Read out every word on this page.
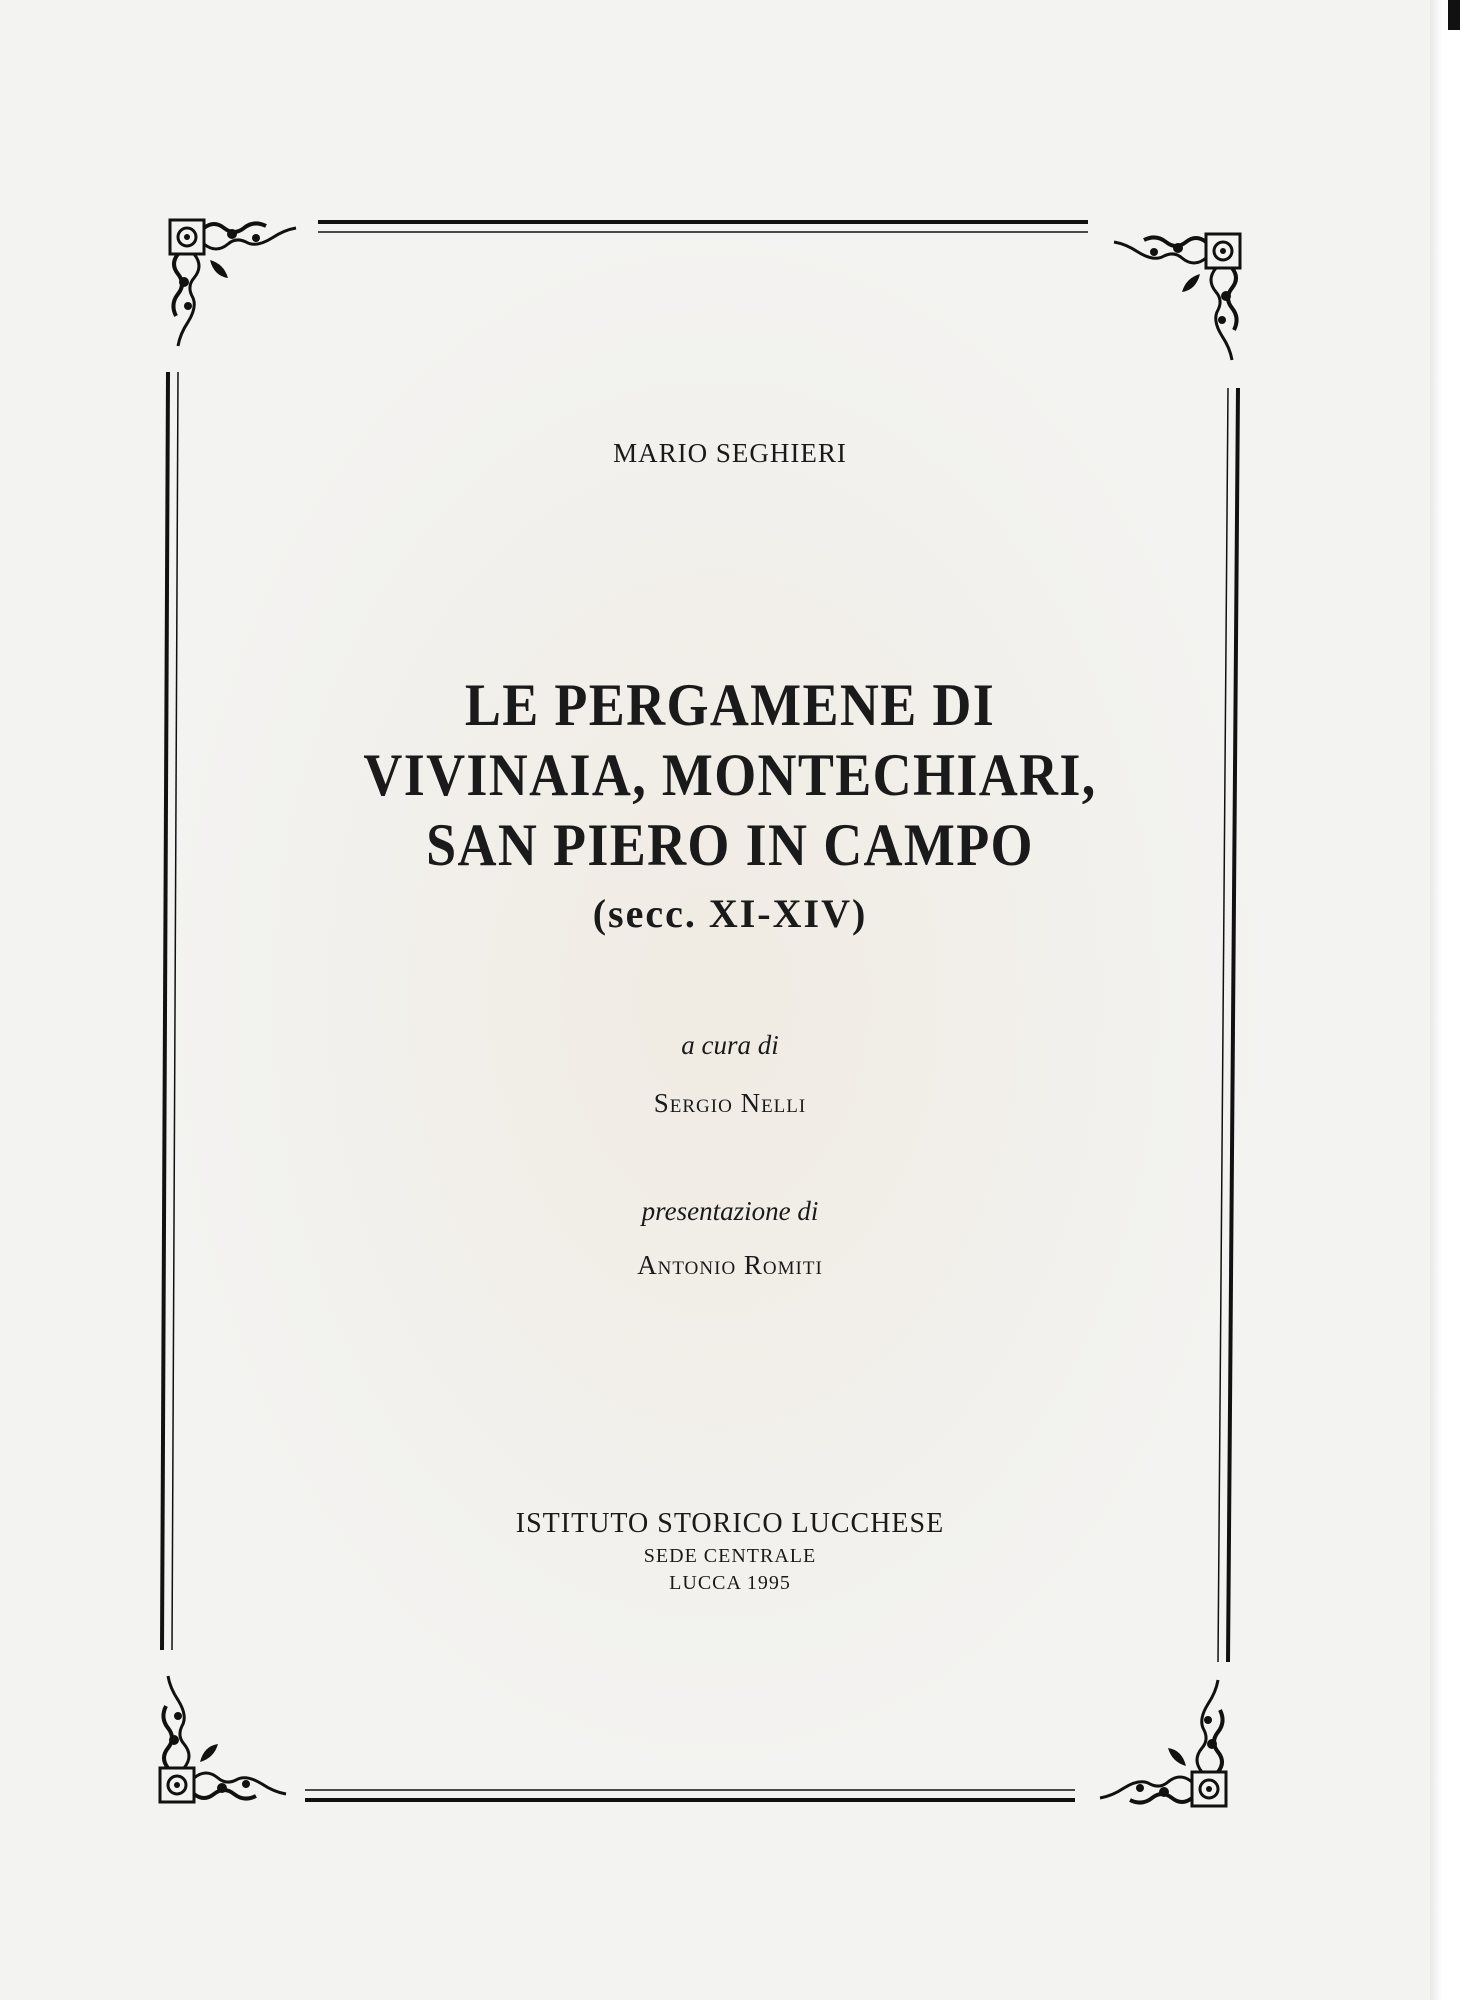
MARIO SEGHIERI
LE PERGAMENE DI
VIVINAIA, MONTECHIARI,
SAN PIERO IN CAMPO
(secc. XI-XIV)
a cura di
Sergio Nelli
presentazione di
Antonio Romiti
ISTITUTO STORICO LUCCHESE
SEDE CENTRALE
LUCCA 1995
